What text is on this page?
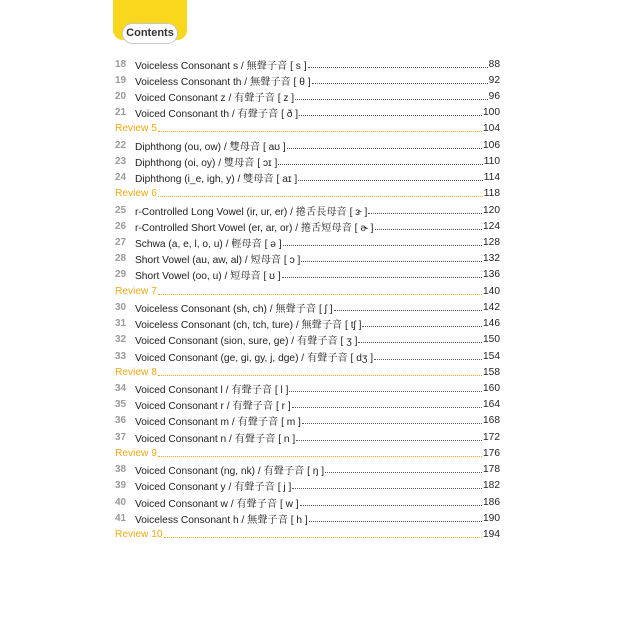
Contents
18 Voiceless Consonant s / 無聲子音 [ s ]	88
19 Voiceless Consonant th / 無聲子音 [ θ ]	92
20 Voiced Consonant z / 有聲子音 [ z ]	96
21 Voiced Consonant th / 有聲子音 [ ð ]	100
Review 5	104
22 Diphthong (ou, ow) / 雙母音 [ aʊ ]	106
23 Diphthong (oi, oy) / 雙母音 [ ɔɪ ]	110
24 Diphthong (i_e, igh, y) / 雙母音 [ aɪ ]	114
Review 6	118
25 r-Controlled Long Vowel (ir, ur, er) / 捲舌長母音 [ ɝ ]	120
26 r-Controlled Short Vowel (er, ar, or) / 捲舌短母音 [ ɚ ]	124
27 Schwa (a, e, l, o, u) / 輕母音 [ ə ]	128
28 Short Vowel (au, aw, al) / 短母音 [ ɔ ]	132
29 Short Vowel (oo, u) / 短母音 [ ʊ ]	136
Review 7	140
30 Voiceless Consonant (sh, ch) / 無聲子音 [ ʃ ]	142
31 Voiceless Consonant (ch, tch, ture) / 無聲子音 [ tʃ ]	146
32 Voiced Consonant (sion, sure, ge) / 有聲子音 [ ʒ ]	150
33 Voiced Consonant (ge, gi, gy, j, dge) / 有聲子音 [ dʒ ]	154
Review 8	158
34 Voiced Consonant l / 有聲子音 [ l ]	160
35 Voiced Consonant r / 有聲子音 [ r ]	164
36 Voiced Consonant m / 有聲子音 [ m ]	168
37 Voiced Consonant n / 有聲子音 [ n ]	172
Review 9	176
38 Voiced Consonant (ng, nk) / 有聲子音 [ ŋ ]	178
39 Voiced Consonant y / 有聲子音 [ j ]	182
40 Voiced Consonant w / 有聲子音 [ w ]	186
41 Voiceless Consonant h / 無聲子音 [ h ]	190
Review 10	194
